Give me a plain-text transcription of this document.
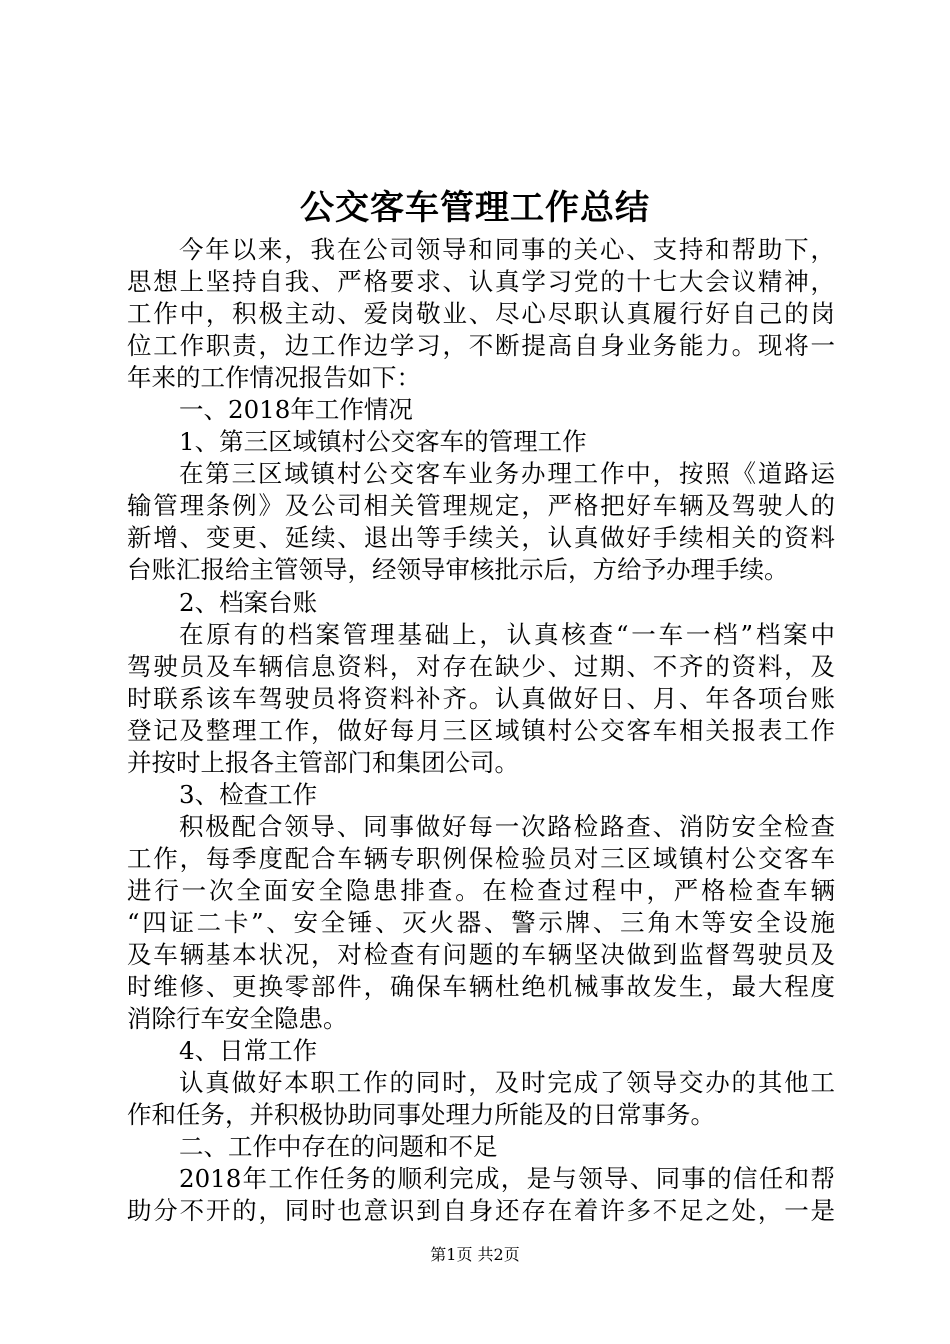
公交客车管理工作总结
今年以来，我在公司领导和同事的关心、支持和帮助下，
思想上坚持自我、严格要求、认真学习党的十七大会议精神，
工作中，积极主动、爱岗敬业、尽心尽职认真履行好自己的岗
位工作职责，边工作边学习，不断提高自身业务能力。现将一
年来的工作情况报告如下：
一、2018年工作情况
1、第三区域镇村公交客车的管理工作
在第三区域镇村公交客车业务办理工作中，按照《道路运
输管理条例》及公司相关管理规定，严格把好车辆及驾驶人的
新增、变更、延续、退出等手续关，认真做好手续相关的资料
台账汇报给主管领导，经领导审核批示后，方给予办理手续。
2、档案台账
在原有的档案管理基础上，认真核查“一车一档”档案中
驾驶员及车辆信息资料，对存在缺少、过期、不齐的资料，及
时联系该车驾驶员将资料补齐。认真做好日、月、年各项台账
登记及整理工作，做好每月三区域镇村公交客车相关报表工作
并按时上报各主管部门和集团公司。
3、检查工作
积极配合领导、同事做好每一次路检路查、消防安全检查
工作，每季度配合车辆专职例保检验员对三区域镇村公交客车
进行一次全面安全隐患排查。在检查过程中，严格检查车辆
“四证二卡”、安全锤、灭火器、警示牌、三角木等安全设施
及车辆基本状况，对检查有问题的车辆坚决做到监督驾驶员及
时维修、更换零部件，确保车辆杜绝机械事故发生，最大程度
消除行车安全隐患。
4、日常工作
认真做好本职工作的同时，及时完成了领导交办的其他工
作和任务，并积极协助同事处理力所能及的日常事务。
二、工作中存在的问题和不足
2018年工作任务的顺利完成，是与领导、同事的信任和帮
助分不开的，同时也意识到自身还存在着许多不足之处，一是
第1页 共2页
